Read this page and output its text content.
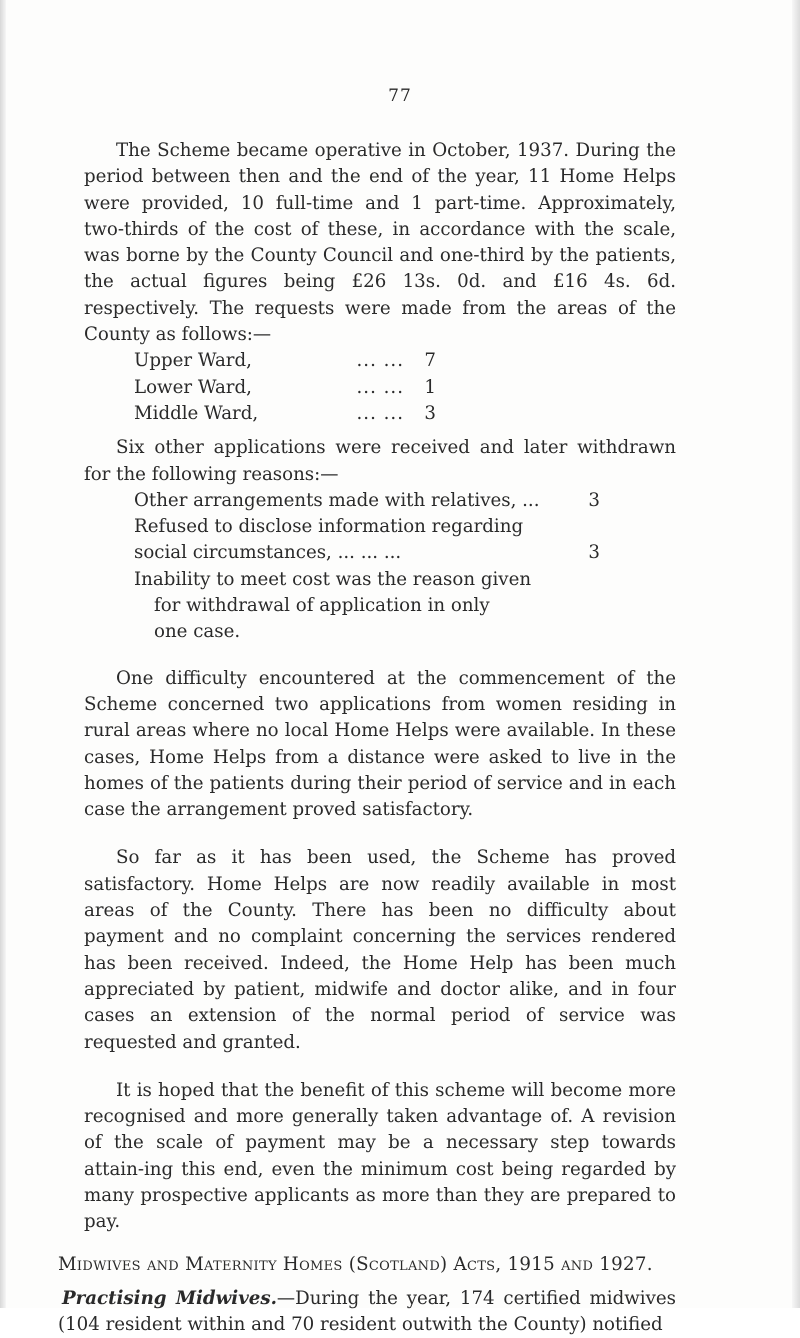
77

The Scheme became operative in October, 1937. During the period between then and the end of the year, 11 Home Helps were provided, 10 full-time and 1 part-time. Approximately, two-thirds of the cost of these, in accordance with the scale, was borne by the County Council and one-third by the patients, the actual figures being £26 13s. 0d. and £16 4s. 6d. respectively. The requests were made from the areas of the County as follows:—

Upper Ward,	... ...	7
Lower Ward,	... ...	1
Middle Ward,	... ...	3

Six other applications were received and later withdrawn for the following reasons:—

Other arrangements made with relatives, ...	3
Refused to disclose information regarding
social circumstances, ... ... ...	3
Inability to meet cost was the reason given
for withdrawal of application in only
one case.

One difficulty encountered at the commencement of the Scheme concerned two applications from women residing in rural areas where no local Home Helps were available. In these cases, Home Helps from a distance were asked to live in the homes of the patients during their period of service and in each case the arrangement proved satisfactory.

So far as it has been used, the Scheme has proved satisfactory. Home Helps are now readily available in most areas of the County. There has been no difficulty about payment and no complaint concerning the services rendered has been received. Indeed, the Home Help has been much appreciated by patient, midwife and doctor alike, and in four cases an extension of the normal period of service was requested and granted.

It is hoped that the benefit of this scheme will become more recognised and more generally taken advantage of. A revision of the scale of payment may be a necessary step towards attain-ing this end, even the minimum cost being regarded by many prospective applicants as more than they are prepared to pay.

Midwives and Maternity Homes (Scotland) Acts, 1915 and 1927.

Practising Midwives.—During the year, 174 certified midwives (104 resident within and 70 resident outwith the County) notified
